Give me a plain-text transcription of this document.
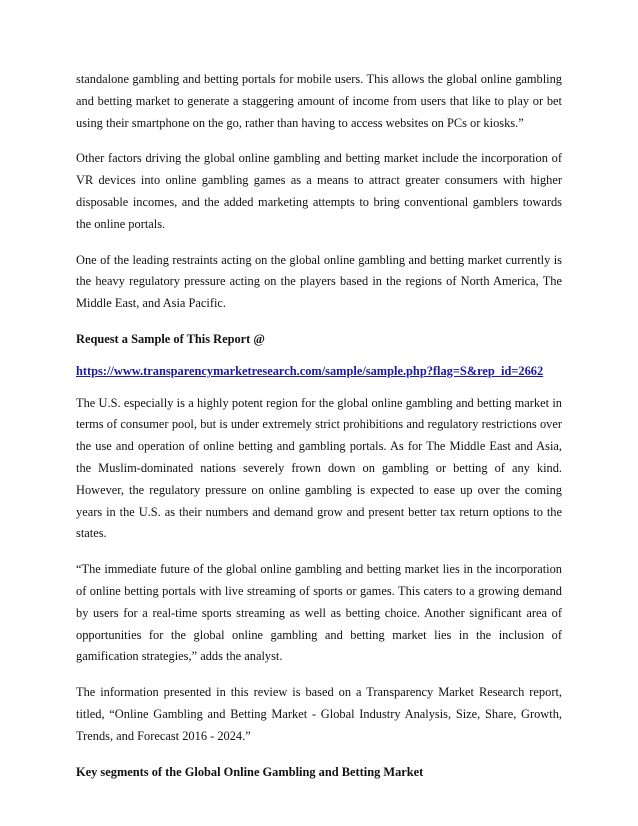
standalone gambling and betting portals for mobile users. This allows the global online gambling and betting market to generate a staggering amount of income from users that like to play or bet using their smartphone on the go, rather than having to access websites on PCs or kiosks.”

Other factors driving the global online gambling and betting market include the incorporation of VR devices into online gambling games as a means to attract greater consumers with higher disposable incomes, and the added marketing attempts to bring conventional gamblers towards the online portals.

One of the leading restraints acting on the global online gambling and betting market currently is the heavy regulatory pressure acting on the players based in the regions of North America, The Middle East, and Asia Pacific.

Request a Sample of This Report @

https://www.transparencymarketresearch.com/sample/sample.php?flag=S&rep_id=2662

The U.S. especially is a highly potent region for the global online gambling and betting market in terms of consumer pool, but is under extremely strict prohibitions and regulatory restrictions over the use and operation of online betting and gambling portals. As for The Middle East and Asia, the Muslim-dominated nations severely frown down on gambling or betting of any kind. However, the regulatory pressure on online gambling is expected to ease up over the coming years in the U.S. as their numbers and demand grow and present better tax return options to the states.

“The immediate future of the global online gambling and betting market lies in the incorporation of online betting portals with live streaming of sports or games. This caters to a growing demand by users for a real-time sports streaming as well as betting choice. Another significant area of opportunities for the global online gambling and betting market lies in the inclusion of gamification strategies,” adds the analyst.

The information presented in this review is based on a Transparency Market Research report, titled, “Online Gambling and Betting Market - Global Industry Analysis, Size, Share, Growth, Trends, and Forecast 2016 - 2024.”

Key segments of the Global Online Gambling and Betting Market
